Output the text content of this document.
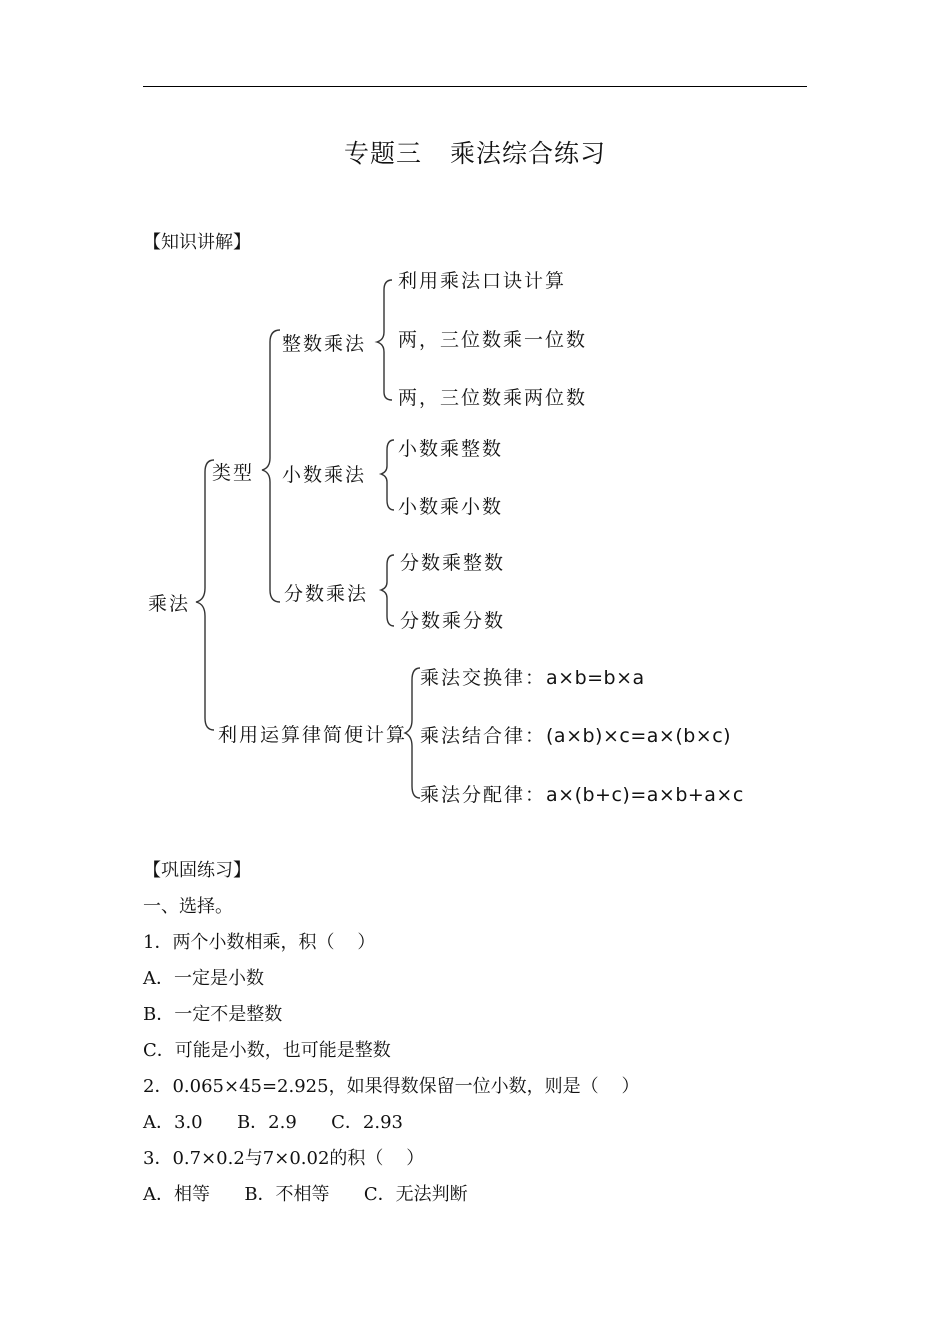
专题三 乘法综合练习
【知识讲解】
乘法
类型
整数乘法
利用乘法口诀计算
两，三位数乘一位数
两，三位数乘两位数
小数乘法
小数乘整数
小数乘小数
分数乘法
分数乘整数
分数乘分数
利用运算律简便计算
乘法交换律：a×b=b×a
乘法结合律：(a×b)×c=a×(b×c)
乘法分配律：a×(b+c)=a×b+a×c
【巩固练习】
一、选择。
1．两个小数相乘，积（    ）
A．一定是小数
B．一定不是整数
C．可能是小数，也可能是整数
2．0.065×45=2.925，如果得数保留一位小数，则是（    ）
A．3.0      B．2.9      C．2.93
3．0.7×0.2与7×0.02的积（    ）
A．相等      B．不相等      C．无法判断
